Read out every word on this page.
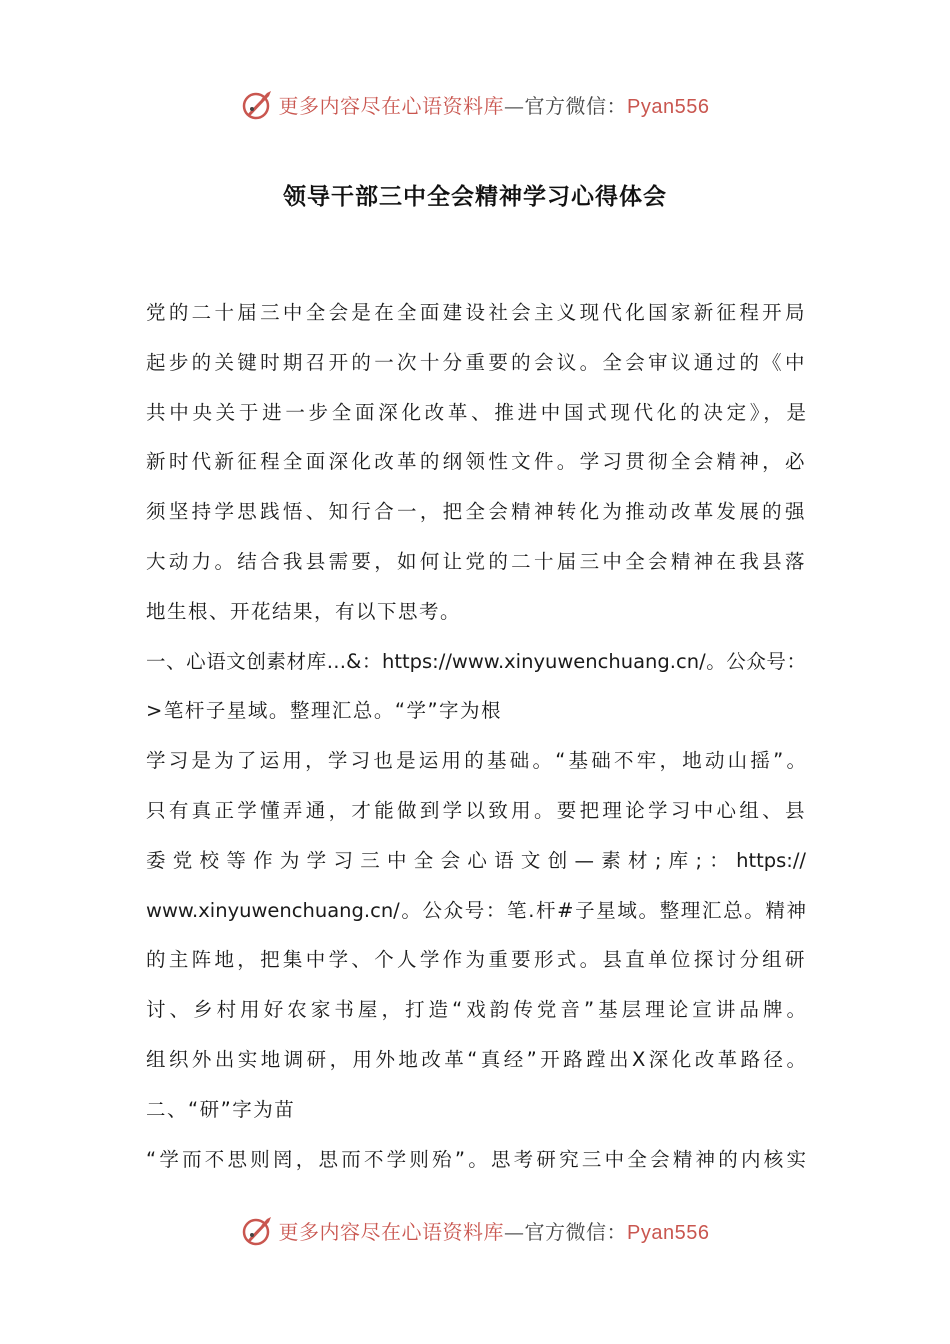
更多内容尽在心语资料库—官方微信：Pyan556
领导干部三中全会精神学习心得体会
党的二十届三中全会是在全面建设社会主义现代化国家新征程开局
起步的关键时期召开的一次十分重要的会议。全会审议通过的《中
共中央关于进一步全面深化改革、推进中国式现代化的决定》，是
新时代新征程全面深化改革的纲领性文件。学习贯彻全会精神，必
须坚持学思践悟、知行合一，把全会精神转化为推动改革发展的强
大动力。结合我县需要，如何让党的二十届三中全会精神在我县落
地生根、开花结果，有以下思考。
一、心语文创素材库…&：https://www.xinyuwenchuang.cn/。公众号：
>笔杆子星域。整理汇总。“学”字为根
学习是为了运用，学习也是运用的基础。“基础不牢，地动山摇”。
只有真正学懂弄通，才能做到学以致用。要把理论学习中心组、县
委党校等作为学习三中全会心语文创—素材;库;：https://
www.xinyuwenchuang.cn/。公众号：笔.杆#子星域。整理汇总。精神
的主阵地，把集中学、个人学作为重要形式。县直单位探讨分组研
讨、乡村用好农家书屋，打造“戏韵传党音”基层理论宣讲品牌。
组织外出实地调研，用外地改革“真经”开路蹚出X深化改革路径。
二、“研”字为苗
“学而不思则罔，思而不学则殆”。思考研究三中全会精神的内核实
更多内容尽在心语资料库—官方微信：Pyan556
